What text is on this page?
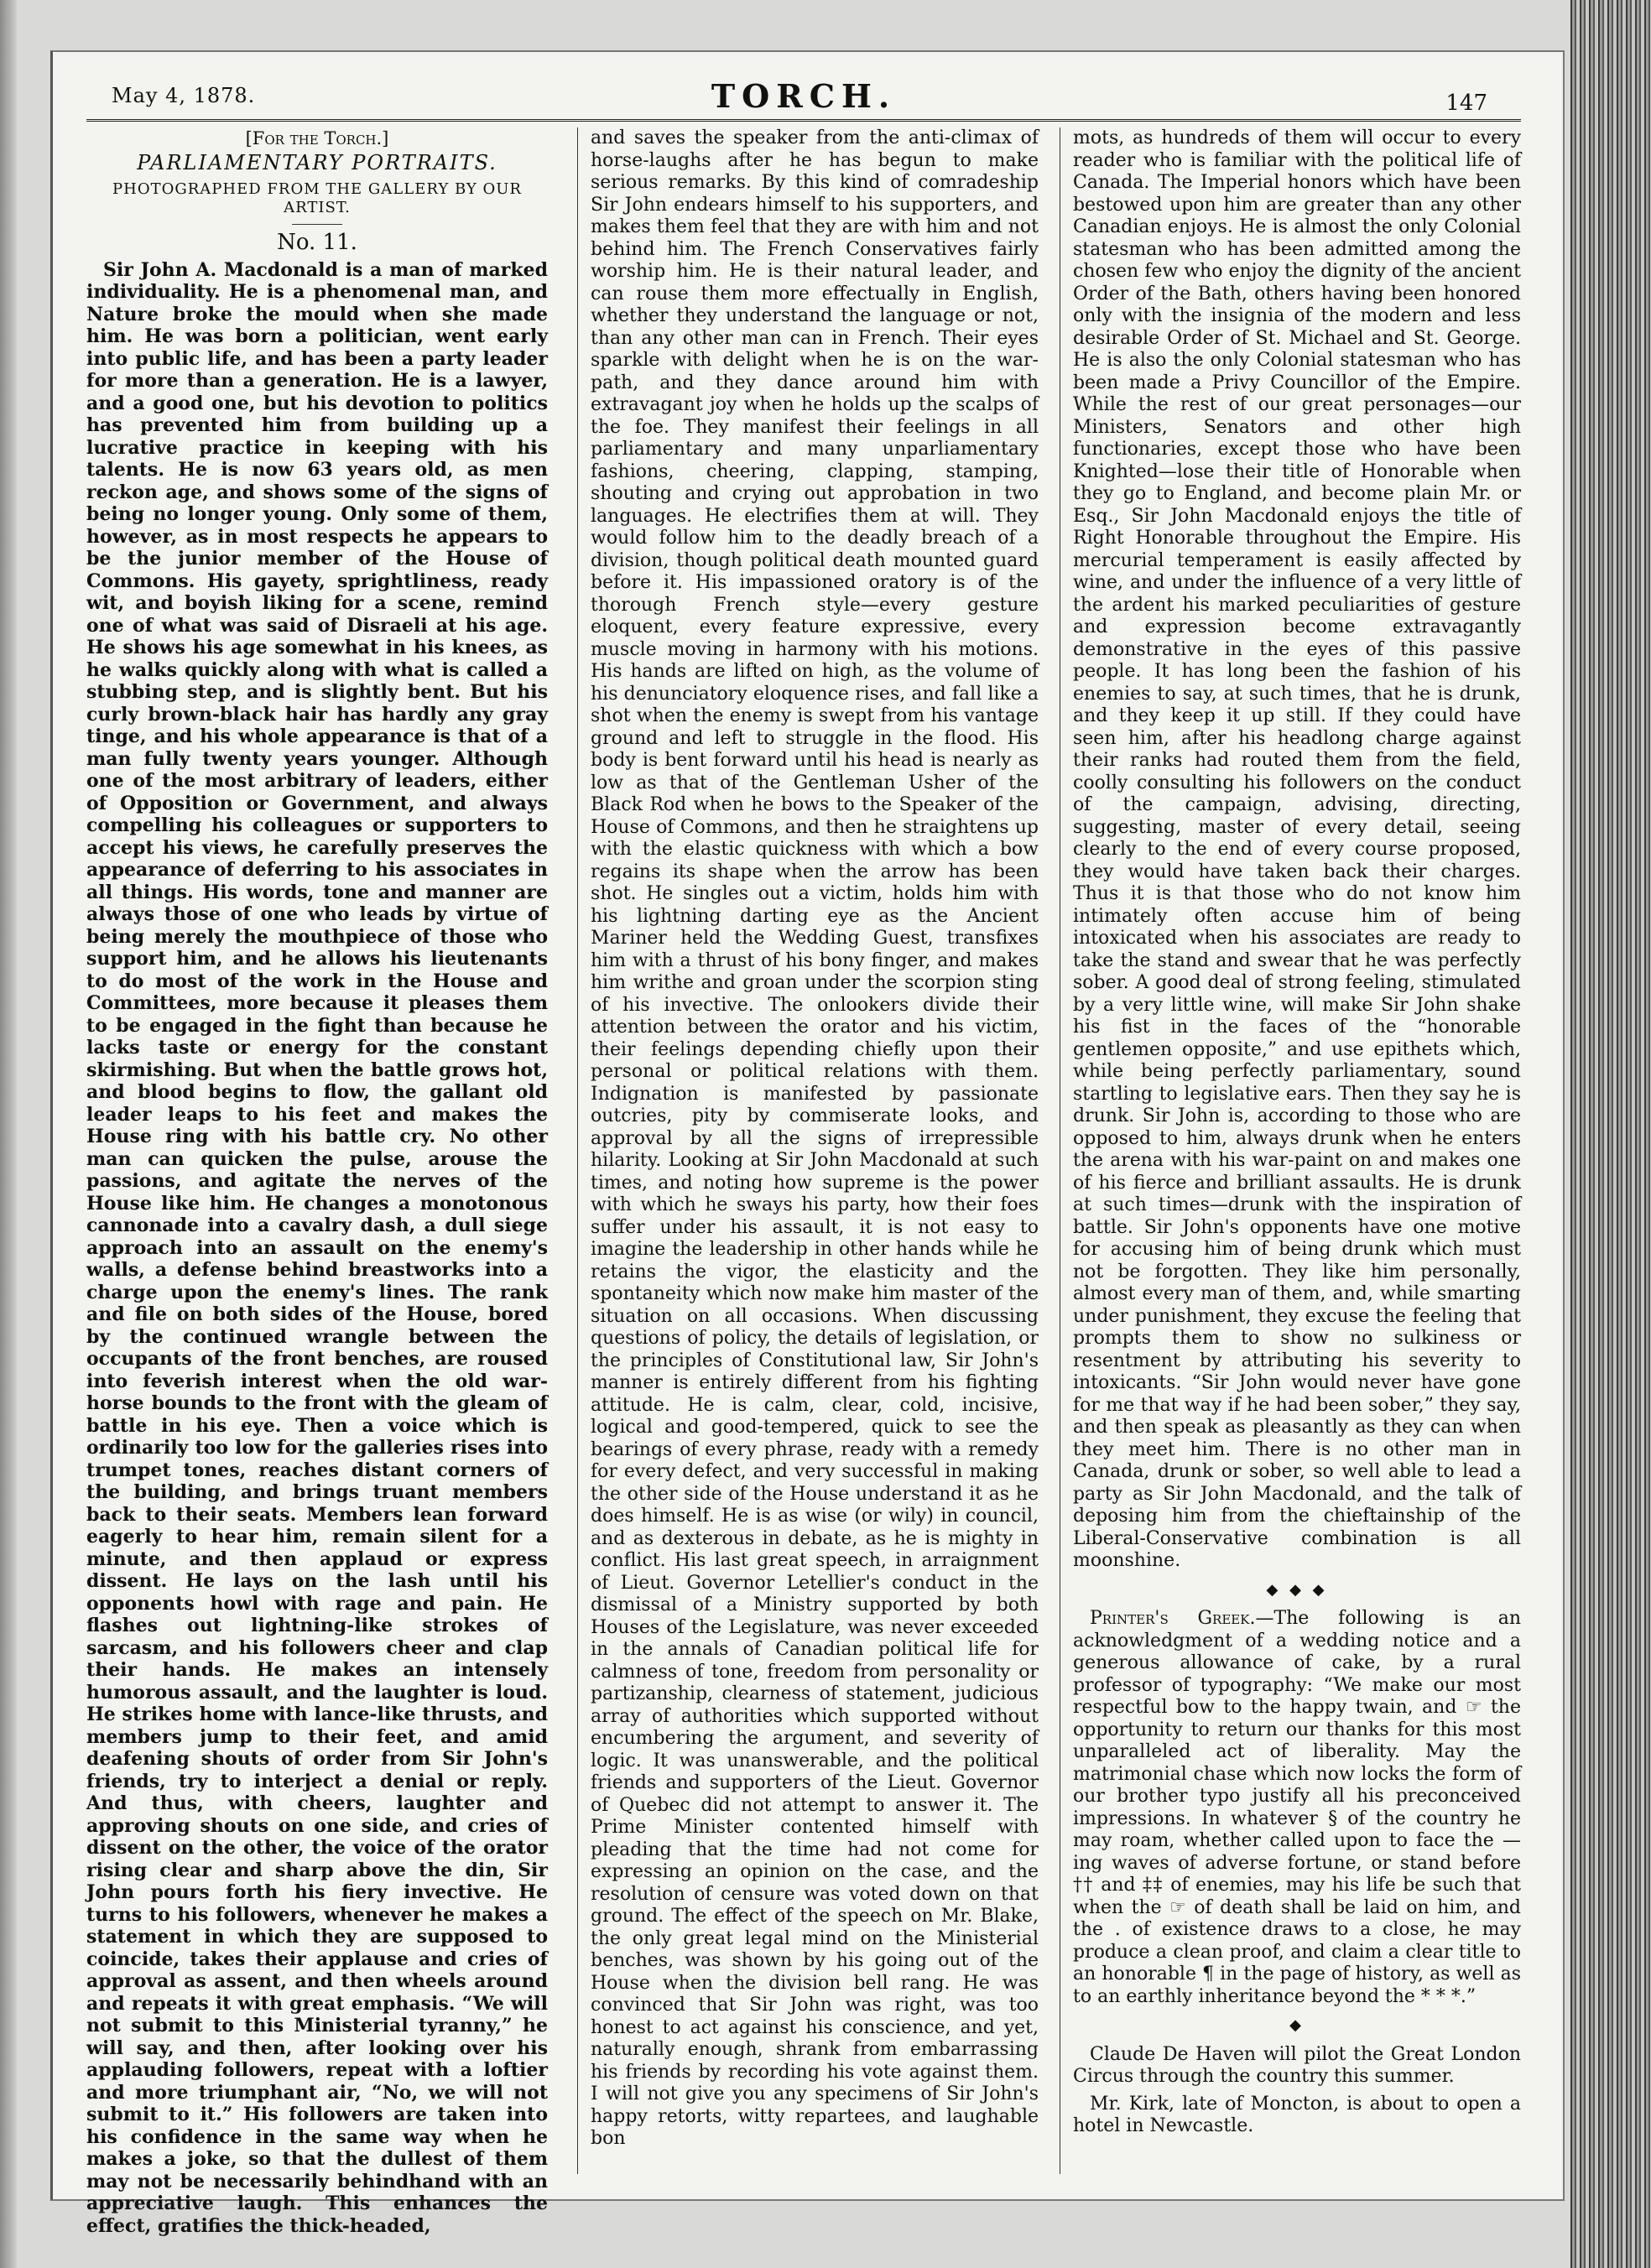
TORCH.
May 4, 1878.	147
[For the Torch.]
PARLIAMENTARY PORTRAITS.
PHOTOGRAPHED FROM THE GALLERY BY OUR ARTIST.
No. 11.

Sir John A. Macdonald is a man of marked individuality. He is a phenomenal man, and Nature broke the mould when she made him. He was born a politician, went early into public life, and has been a party leader for more than a generation. He is a lawyer, and a good one, but his devotion to politics has prevented him from building up a lucrative practice in keeping with his talents. He is now 63 years old, as men reckon age, and shows some of the signs of being no longer young. Only some of them, however, as in most respects he appears to be the junior member of the House of Commons. His gayety, sprightliness, ready wit, and boyish liking for a scene, remind one of what was said of Disraeli at his age. He shows his age somewhat in his knees, as he walks quickly along with what is called a stubbing step, and is slightly bent. But his curly brown-black hair has hardly any gray tinge, and his whole appearance is that of a man fully twenty years younger. Although one of the most arbitrary of leaders, either of Opposition or Government, and always compelling his colleagues or supporters to accept his views, he carefully preserves the appearance of deferring to his associates in all things. His words, tone and manner are always those of one who leads by virtue of being merely the mouthpiece of those who support him, and he allows his lieutenants to do most of the work in the House and Committees, more because it pleases them to be engaged in the fight than because he lacks taste or energy for the constant skirmishing. But when the battle grows hot, and blood begins to flow, the gallant old leader leaps to his feet and makes the House ring with his battle cry. No other man can quicken the pulse, arouse the passions, and agitate the nerves of the House like him. He changes a monotonous cannonade into a cavalry dash, a dull siege approach into an assault on the enemy's walls, a defense behind breastworks into a charge upon the enemy's lines. The rank and file on both sides of the House, bored by the continued wrangle between the occupants of the front benches, are roused into feverish interest when the old war-horse bounds to the front with the gleam of battle in his eye. Then a voice which is ordinarily too low for the galleries rises into trumpet tones, reaches distant corners of the building, and brings truant members back to their seats. Members lean forward eagerly to hear him, remain silent for a minute, and then applaud or express dissent. He lays on the lash until his opponents howl with rage and pain. He flashes out lightning-like strokes of sarcasm, and his followers cheer and clap their hands. He makes an intensely humorous assault, and the laughter is loud. He strikes home with lance-like thrusts, and members jump to their feet, and amid deafening shouts of order from Sir John's friends, try to interject a denial or reply. And thus, with cheers, laughter and approving shouts on one side, and cries of dissent on the other, the voice of the orator rising clear and sharp above the din, Sir John pours forth his fiery invective. He turns to his followers, whenever he makes a statement in which they are supposed to coincide, takes their applause and cries of approval as assent, and then wheels around and repeats it with great emphasis. “We will not submit to this Ministerial tyranny,” he will say, and then, after looking over his applauding followers, repeat with a loftier and more triumphant air, “No, we will not submit to it.” His followers are taken into his confidence in the same way when he makes a joke, so that the dullest of them may not be necessarily behindhand with an appreciative laugh. This enhances the effect, gratifies the thick-headed,

and saves the speaker from the anti-climax of horse-laughs after he has begun to make serious remarks. By this kind of comradeship Sir John endears himself to his supporters, and makes them feel that they are with him and not behind him. The French Conservatives fairly worship him. He is their natural leader, and can rouse them more effectually in English, whether they understand the language or not, than any other man can in French. Their eyes sparkle with delight when he is on the war-path, and they dance around him with extravagant joy when he holds up the scalps of the foe. They manifest their feelings in all parliamentary and many unparliamentary fashions, cheering, clapping, stamping, shouting and crying out approbation in two languages. He electrifies them at will. They would follow him to the deadly breach of a division, though political death mounted guard before it. His impassioned oratory is of the thorough French style—every gesture eloquent, every feature expressive, every muscle moving in harmony with his motions. His hands are lifted on high, as the volume of his denunciatory eloquence rises, and fall like a shot when the enemy is swept from his vantage ground and left to struggle in the flood. His body is bent forward until his head is nearly as low as that of the Gentleman Usher of the Black Rod when he bows to the Speaker of the House of Commons, and then he straightens up with the elastic quickness with which a bow regains its shape when the arrow has been shot. He singles out a victim, holds him with his lightning darting eye as the Ancient Mariner held the Wedding Guest, transfixes him with a thrust of his bony finger, and makes him writhe and groan under the scorpion sting of his invective. The onlookers divide their attention between the orator and his victim, their feelings depending chiefly upon their personal or political relations with them. Indignation is manifested by passionate outcries, pity by commiserate looks, and approval by all the signs of irrepressible hilarity. Looking at Sir John Macdonald at such times, and noting how supreme is the power with which he sways his party, how their foes suffer under his assault, it is not easy to imagine the leadership in other hands while he retains the vigor, the elasticity and the spontaneity which now make him master of the situation on all occasions. When discussing questions of policy, the details of legislation, or the principles of Constitutional law, Sir John's manner is entirely different from his fighting attitude. He is calm, clear, cold, incisive, logical and good-tempered, quick to see the bearings of every phrase, ready with a remedy for every defect, and very successful in making the other side of the House understand it as he does himself. He is as wise (or wily) in council, and as dexterous in debate, as he is mighty in conflict. His last great speech, in arraignment of Lieut. Governor Letellier's conduct in the dismissal of a Ministry supported by both Houses of the Legislature, was never exceeded in the annals of Canadian political life for calmness of tone, freedom from personality or partizanship, clearness of statement, judicious array of authorities which supported without encumbering the argument, and severity of logic. It was unanswerable, and the political friends and supporters of the Lieut. Governor of Quebec did not attempt to answer it. The Prime Minister contented himself with pleading that the time had not come for expressing an opinion on the case, and the resolution of censure was voted down on that ground. The effect of the speech on Mr. Blake, the only great legal mind on the Ministerial benches, was shown by his going out of the House when the division bell rang. He was convinced that Sir John was right, was too honest to act against his conscience, and yet, naturally enough, shrank from embarrassing his friends by recording his vote against them. I will not give you any specimens of Sir John's happy retorts, witty repartees, and laughable bon

mots, as hundreds of them will occur to every reader who is familiar with the political life of Canada. The Imperial honors which have been bestowed upon him are greater than any other Canadian enjoys. He is almost the only Colonial statesman who has been admitted among the chosen few who enjoy the dignity of the ancient Order of the Bath, others having been honored only with the insignia of the modern and less desirable Order of St. Michael and St. George. He is also the only Colonial statesman who has been made a Privy Councillor of the Empire. While the rest of our great personages—our Ministers, Senators and other high functionaries, except those who have been Knighted—lose their title of Honorable when they go to England, and become plain Mr. or Esq., Sir John Macdonald enjoys the title of Right Honorable throughout the Empire. His mercurial temperament is easily affected by wine, and under the influence of a very little of the ardent his marked peculiarities of gesture and expression become extravagantly demonstrative in the eyes of this passive people. It has long been the fashion of his enemies to say, at such times, that he is drunk, and they keep it up still. If they could have seen him, after his headlong charge against their ranks had routed them from the field, coolly consulting his followers on the conduct of the campaign, advising, directing, suggesting, master of every detail, seeing clearly to the end of every course proposed, they would have taken back their charges. Thus it is that those who do not know him intimately often accuse him of being intoxicated when his associates are ready to take the stand and swear that he was perfectly sober. A good deal of strong feeling, stimulated by a very little wine, will make Sir John shake his fist in the faces of the “honorable gentlemen opposite,” and use epithets which, while being perfectly parliamentary, sound startling to legislative ears. Then they say he is drunk. Sir John is, according to those who are opposed to him, always drunk when he enters the arena with his war-paint on and makes one of his fierce and brilliant assaults. He is drunk at such times—drunk with the inspiration of battle. Sir John's opponents have one motive for accusing him of being drunk which must not be forgotten. They like him personally, almost every man of them, and, while smarting under punishment, they excuse the feeling that prompts them to show no sulkiness or resentment by attributing his severity to intoxicants. “Sir John would never have gone for me that way if he had been sober,” they say, and then speak as pleasantly as they can when they meet him. There is no other man in Canada, drunk or sober, so well able to lead a party as Sir John Macdonald, and the talk of deposing him from the chieftainship of the Liberal-Conservative combination is all moonshine.

◆ ◆ ◆

Printer's Greek.—The following is an acknowledgment of a wedding notice and a generous allowance of cake, by a rural professor of typography: “We make our most respectful bow to the happy twain, and ☞ the opportunity to return our thanks for this most unparalleled act of liberality. May the matrimonial chase which now locks the form of our brother typo justify all his preconceived impressions. In whatever § of the country he may roam, whether called upon to face the —ing waves of adverse fortune, or stand before †† and ‡‡ of enemies, may his life be such that when the ☞ of death shall be laid on him, and the . of existence draws to a close, he may produce a clean proof, and claim a clear title to an honorable ¶ in the page of history, as well as to an earthly inheritance beyond the * * *.”

◆

Claude De Haven will pilot the Great London Circus through the country this summer.

Mr. Kirk, late of Moncton, is about to open a hotel in Newcastle.
